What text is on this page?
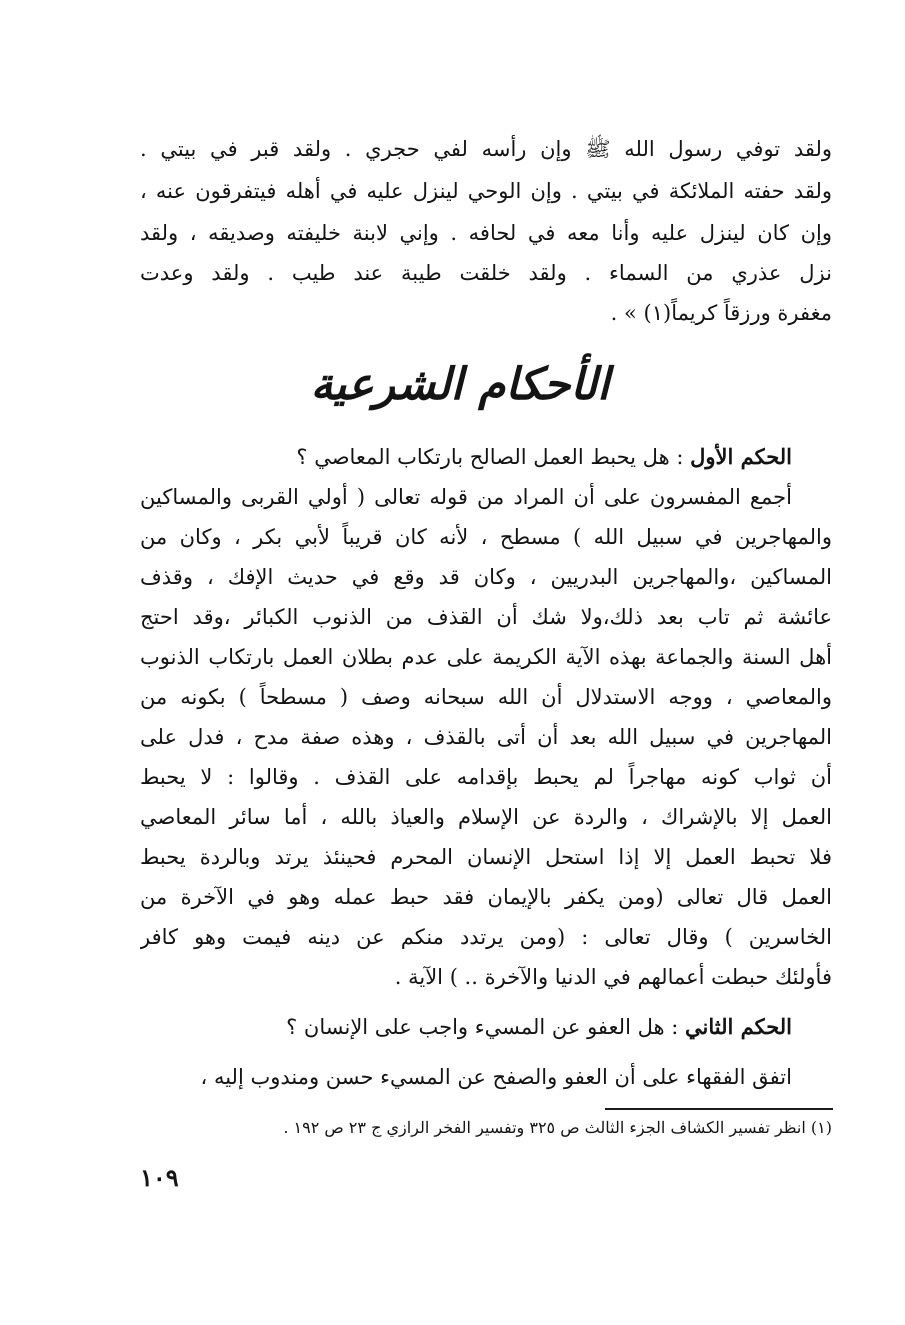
ولقد توفي رسول الله ﷺ وإن رأسه لفي حجري . ولقد قبر في بيتي .
ولقد حفته الملائكة في بيتي . وإن الوحي لينزل عليه في أهله فيتفرقون عنه ،
وإن كان لينزل عليه وأنا معه في لحافه . وإني لابنة خليفته وصديقه ، ولقد
نزل عذري من السماء . ولقد خلقت طيبة عند طيب . ولقد وعدت
مغفرة ورزقاً كريماً(١) » .
الأحكام الشرعية
الحكم الأول : هل يحبط العمل الصالح بارتكاب المعاصي ؟
أجمع المفسرون على أن المراد من قوله تعالى ( أولي القربى والمساكين
والمهاجرين في سبيل الله ) مسطح ، لأنه كان قريباً لأبي بكر ، وكان من
المساكين ،والمهاجرين البدريين ، وكان قد وقع في حديث الإفك ، وقذف
عائشة ثم تاب بعد ذلك،ولا شك أن القذف من الذنوب الكبائر ،وقد احتج
أهل السنة والجماعة بهذه الآية الكريمة على عدم بطلان العمل بارتكاب الذنوب
والمعاصي ، ووجه الاستدلال أن الله سبحانه وصف ( مسطحاً ) بكونه من
المهاجرين في سبيل الله بعد أن أتى بالقذف ، وهذه صفة مدح ، فدل على
أن ثواب كونه مهاجراً لم يحبط بإقدامه على القذف . وقالوا : لا يحبط
العمل إلا بالإشراك ، والردة عن الإسلام والعياذ بالله ، أما سائر المعاصي
فلا تحبط العمل إلا إذا استحل الإنسان المحرم فحينئذ يرتد وبالردة يحبط
العمل قال تعالى (ومن يكفر بالإيمان فقد حبط عمله وهو في الآخرة من
الخاسرين ) وقال تعالى : (ومن يرتدد منكم عن دينه فيمت وهو كافر
فأولئك حبطت أعمالهم في الدنيا والآخرة .. ) الآية .
الحكم الثاني : هل العفو عن المسيء واجب على الإنسان ؟
اتفق الفقهاء على أن العفو والصفح عن المسيء حسن ومندوب إليه ،
(١) انظر تفسير الكشاف الجزء الثالث ص ٣٢٥ وتفسير الفخر الرازي ج ٢٣ ص ١٩٢ .
١٠٩
